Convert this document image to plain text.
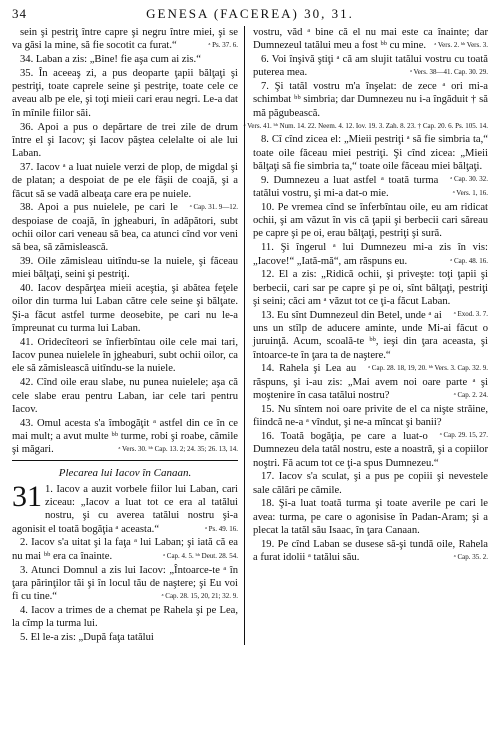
34	GENESA (FACEREA) 30, 31.

sein şi pestriţ între capre şi negru între miei, şi se va găsi la mine, să fie socotit ca furat.“	ᵃ Ps. 37. 6.

34. Laban a zis: „Bine! fie aşa cum ai zis.“

35. În aceeaş zi, a pus deoparte ţapii bălţaţi şi pestriţi, toate caprele seine şi pestriţe, toate cele ce aveau alb pe ele, şi toţi mieii cari erau negri. Le-a dat în mînile fiilor săi.

36. Apoi a pus o depărtare de trei zile de drum între el şi Iacov; şi Iacov păştea celelalte oi ale lui Laban.

37. Iacov ᵃ a luat nuiele verzi de plop, de migdal şi de platan; a despoiat de pe ele făşii de coajă, şi a făcut să se vadă albeaţa care era pe nuiele.
ᵃ Cap. 31. 9—12.

38. Apoi a pus nuielele, pe cari le despoiase de coajă, în jgheaburi, în adăpători, subt ochii oilor cari veneau să bea, ca atunci cînd vor veni să bea, să zămislească.

39. Oile zămisleau uitîndu-se la nuiele, şi făceau miei bălţaţi, seini şi pestriţi.

40. Iacov despărţea mieii aceştia, şi abătea feţele oilor din turma lui Laban către cele seine şi bălţate. Şi-a făcut astfel turme deosebite, pe cari nu le-a împreunat cu turma lui Laban.

41. Oridecîteori se înfierbîntau oile cele mai tari, Iacov punea nuielele în jgheaburi, subt ochii oilor, ca ele să zămislească uitîndu-se la nuiele.

42. Cînd oile erau slabe, nu punea nuielele; aşa că cele slabe erau pentru Laban, iar cele tari pentru Iacov.

43. Omul acesta s'a îmbogăţit ᵃ astfel din ce în ce mai mult; a avut multe ᵇᵇ turme, robi şi roabe, cămile şi măgari.	ᵃ Vers. 30. ᵇᵇ Cap. 13. 2; 24. 35; 26. 13, 14.

Plecarea lui Iacov în Canaan.
31 1. Iacov a auzit vorbele fiilor lui Laban, cari ziceau: „Iacov a luat tot ce era al tatălui nostru, şi cu averea tatălui nostru şi-a agonisit el toată bogăţia ᵃ aceasta.“	ᵃ Ps. 49. 16.

2. Iacov s'a uitat şi la faţa ᵃ lui Laban; şi iată că ea nu mai ᵇᵇ era ca înainte.	ᵃ Cap. 4. 5. ᵇᵇ Deut. 28. 54.

3. Atunci Domnul a zis lui Iacov: „Întoarce-te ᵃ în ţara părinţilor tăi şi în locul tău de naştere; şi Eu voi fi cu tine.“	ᵃ Cap. 28. 15, 20, 21; 32. 9.

4. Iacov a trimes de a chemat pe Rahela şi pe Lea, la cîmp la turma lui.

5. El le-a zis: „După faţa tatălui

vostru, văd ᵃ bine că el nu mai este ca înainte; dar Dumnezeul tatălui meu a fost ᵇᵇ cu mine.	ᵃ Vers. 2. ᵇᵇ Vers. 3.

6. Voi înşivă ştiţi ᵃ că am slujit tatălui vostru cu toată puterea mea.	ᵃ Vers. 38—41. Cap. 30. 29.

7. Şi tatăl vostru m'a înşelat: de zece ᵃ ori mi-a schimbat ᵇᵇ simbria; dar Dumnezeu nu i-a îngăduit † să mă păgubească.
ᵃ Vers. 41. ᵇᵇ Num. 14. 22. Neem. 4. 12. Iov. 19. 3. Zah. 8. 23. † Cap. 20. 6. Ps. 105. 14.

8. Cî cînd zicea el: „Mieii pestriţi ᵃ să fie simbria ta,“ toate oile făceau miei pestriţi. Şi cînd zicea: „Mieii bălţaţi să fie simbria ta,“ toate oile făceau miei bălţaţi.
ᵃ Cap. 30. 32.

9. Dumnezeu a luat astfel ᵃ toată turma tatălui vostru, şi mi-a dat-o mie.	ᵃ Vers. 1, 16.

10. Pe vremea cînd se înferbîntau oile, eu am ridicat ochii, şi am văzut în vis că ţapii şi berbecii cari săreau pe capre şi pe oi, erau bălţaţi, pestriţi şi sură.

11. Şi îngerul ᵃ lui Dumnezeu mi-a zis în vis: „Iacove!“ „Iată-mă“, am răspuns eu.	ᵃ Cap. 48. 16.

12. El a zis: „Ridică ochii, şi priveşte: toţi ţapii şi berbecii, cari sar pe capre şi pe oi, sînt bălţaţi, pestriţi şi seini; căci am ᵃ văzut tot ce ţi-a făcut Laban.
ᵃ Exod. 3. 7.

13. Eu sînt Dumnezeul din Betel, unde ᵃ ai uns un stîlp de aducere aminte, unde Mi-ai făcut o juruinţă. Acum, scoală-te ᵇᵇ, ieşi din ţara aceasta, şi întoarce-te în ţara ta de naştere.“
ᵃ Cap. 28. 18, 19, 20. ᵇᵇ Vers. 3. Cap. 32. 9.

14. Rahela şi Lea au răspuns, şi i-au zis: „Mai avem noi oare parte ᵃ şi moştenire în casa tatălui nostru?	ᵃ Cap. 2. 24.

15. Nu sîntem noi oare privite de el ca nişte străine, fiindcă ne-a ᵃ vîndut, şi ne-a mîncat şi banii?
ᵃ Cap. 29. 15, 27.

16. Toată bogăţia, pe care a luat-o Dumnezeu dela tatăl nostru, este a noastră, şi a copiilor noştri. Fă acum tot ce ţi-a spus Dumnezeu.“

17. Iacov s'a sculat, şi a pus pe copiii şi nevestele sale călări pe cămile.

18. Şi-a luat toată turma şi toate averile pe cari le avea: turma, pe care o agonisise în Padan-Aram; şi a plecat la tatăl său Isaac, în ţara Canaan.

19. Pe cînd Laban se dusese să-şi tundă oile, Rahela a furat idolii ᵃ tatălui său.	ᵃ Cap. 35. 2.
